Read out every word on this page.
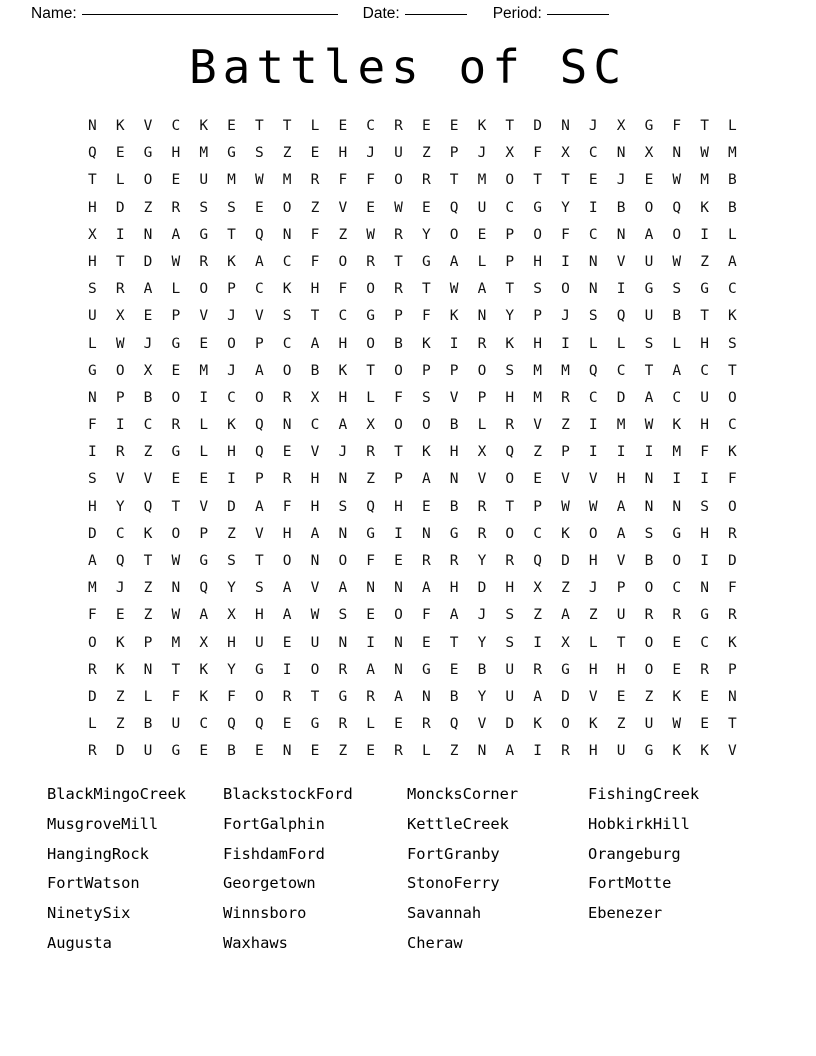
Name:	Date:	Period:
Battles of SC
N	K	V	C	K	E	T	T	L	E	C	R	E	E	K	T	D	N	J	X	G	F	T	L
Q	E	G	H	M	G	S	Z	E	H	J	U	Z	P	J	X	F	X	C	N	X	N	W	M
T	L	O	E	U	M	W	M	R	F	F	O	R	T	M	O	T	T	E	J	E	W	M	B
H	D	Z	R	S	S	E	O	Z	V	E	W	E	Q	U	C	G	Y	I	B	O	Q	K	B
X	I	N	A	G	T	Q	N	F	Z	W	R	Y	O	E	P	O	F	C	N	A	O	I	L
H	T	D	W	R	K	A	C	F	O	R	T	G	A	L	P	H	I	N	V	U	W	Z	A
S	R	A	L	O	P	C	K	H	F	O	R	T	W	A	T	S	O	N	I	G	S	G	C
U	X	E	P	V	J	V	S	T	C	G	P	F	K	N	Y	P	J	S	Q	U	B	T	K
L	W	J	G	E	O	P	C	A	H	O	B	K	I	R	K	H	I	L	L	S	L	H	S
G	O	X	E	M	J	A	O	B	K	T	O	P	P	O	S	M	M	Q	C	T	A	C	T
N	P	B	O	I	C	O	R	X	H	L	F	S	V	P	H	M	R	C	D	A	C	U	O
F	I	C	R	L	K	Q	N	C	A	X	O	O	B	L	R	V	Z	I	M	W	K	H	C
I	R	Z	G	L	H	Q	E	V	J	R	T	K	H	X	Q	Z	P	I	I	I	M	F	K
S	V	V	E	E	I	P	R	H	N	Z	P	A	N	V	O	E	V	V	H	N	I	I	F
H	Y	Q	T	V	D	A	F	H	S	Q	H	E	B	R	T	P	W	W	A	N	N	S	O
D	C	K	O	P	Z	V	H	A	N	G	I	N	G	R	O	C	K	O	A	S	G	H	R
A	Q	T	W	G	S	T	O	N	O	F	E	R	R	Y	R	Q	D	H	V	B	O	I	D
M	J	Z	N	Q	Y	S	A	V	A	N	N	A	H	D	H	X	Z	J	P	O	C	N	F
F	E	Z	W	A	X	H	A	W	S	E	O	F	A	J	S	Z	A	Z	U	R	R	G	R
O	K	P	M	X	H	U	E	U	N	I	N	E	T	Y	S	I	X	L	T	O	E	C	K
R	K	N	T	K	Y	G	I	O	R	A	N	G	E	B	U	R	G	H	H	O	E	R	P
D	Z	L	F	K	F	O	R	T	G	R	A	N	B	Y	U	A	D	V	E	Z	K	E	N
L	Z	B	U	C	Q	Q	E	G	R	L	E	R	Q	V	D	K	O	K	Z	U	W	E	T
R	D	U	G	E	B	E	N	E	Z	E	R	L	Z	N	A	I	R	H	U	G	K	K	V
BlackMingoCreek	BlackstockFord	MoncksCorner	FishingCreek
MusgroveMill	FortGalphin	KettleCreek	HobkirkHill
HangingRock	FishdamFord	FortGranby	Orangeburg
FortWatson	Georgetown	StonoFerry	FortMotte
NinetySix	Winnsboro	Savannah	Ebenezer
Augusta	Waxhaws	Cheraw
